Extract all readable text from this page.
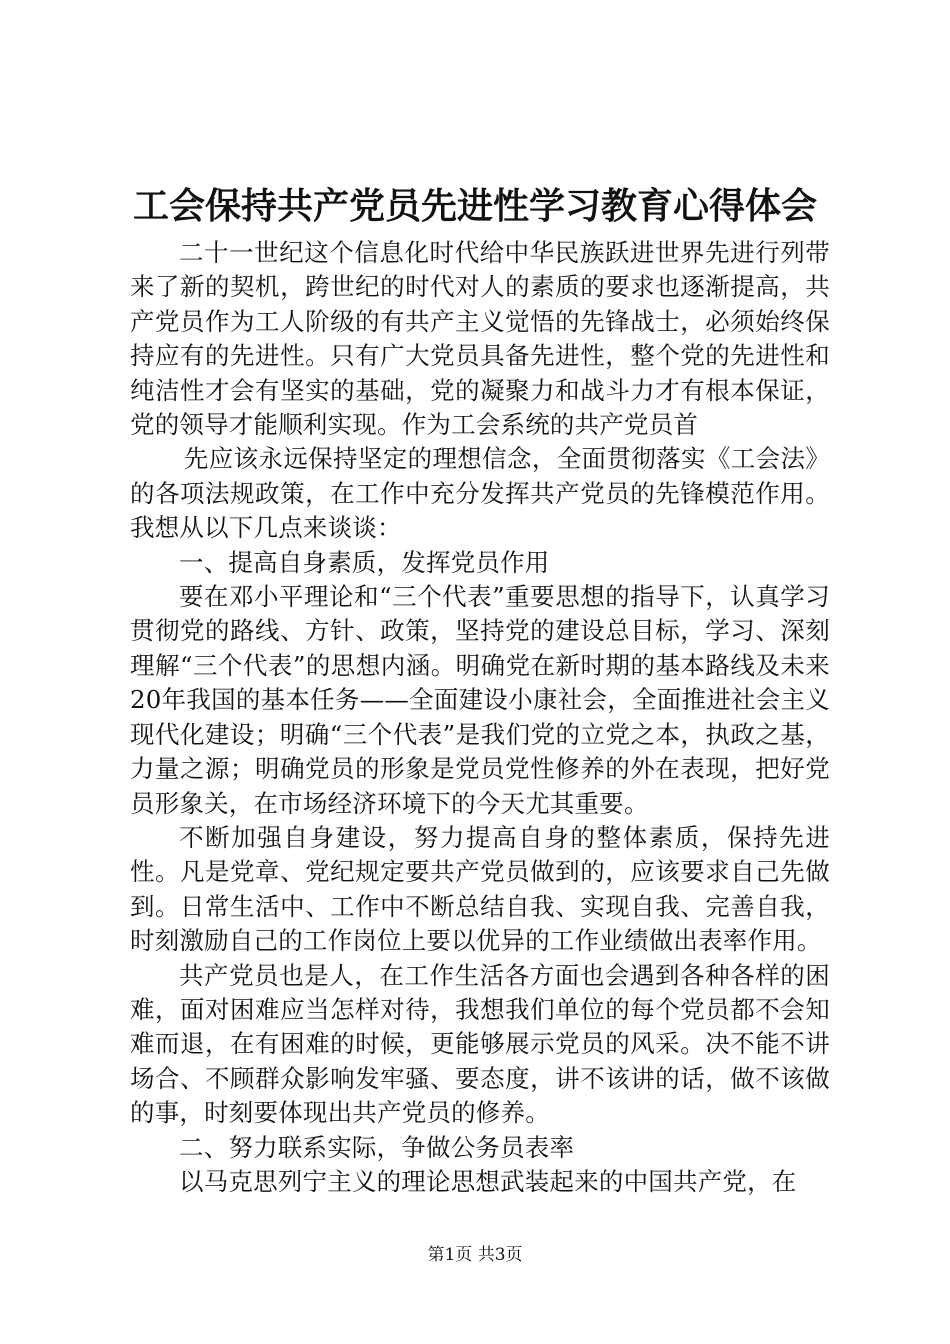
工会保持共产党员先进性学习教育心得体会

二十一世纪这个信息化时代给中华民族跃进世界先进行列带来了新的契机，跨世纪的时代对人的素质的要求也逐渐提高，共产党员作为工人阶级的有共产主义觉悟的先锋战士，必须始终保持应有的先进性。只有广大党员具备先进性，整个党的先进性和纯洁性才会有坚实的基础，党的凝聚力和战斗力才有根本保证，党的领导才能顺利实现。作为工会系统的共产党员首

先应该永远保持坚定的理想信念，全面贯彻落实《工会法》的各项法规政策，在工作中充分发挥共产党员的先锋模范作用。我想从以下几点来谈谈：

一、提高自身素质，发挥党员作用

要在邓小平理论和“三个代表”重要思想的指导下，认真学习贯彻党的路线、方针、政策，坚持党的建设总目标，学习、深刻理解“三个代表”的思想内涵。明确党在新时期的基本路线及未来20年我国的基本任务——全面建设小康社会，全面推进社会主义现代化建设；明确“三个代表”是我们党的立党之本，执政之基，力量之源；明确党员的形象是党员党性修养的外在表现，把好党员形象关，在市场经济环境下的今天尤其重要。

不断加强自身建设，努力提高自身的整体素质，保持先进性。凡是党章、党纪规定要共产党员做到的，应该要求自己先做到。日常生活中、工作中不断总结自我、实现自我、完善自我，时刻激励自己的工作岗位上要以优异的工作业绩做出表率作用。

共产党员也是人，在工作生活各方面也会遇到各种各样的困难，面对困难应当怎样对待，我想我们单位的每个党员都不会知难而退，在有困难的时候，更能够展示党员的风采。决不能不讲场合、不顾群众影响发牢骚、要态度，讲不该讲的话，做不该做的事，时刻要体现出共产党员的修养。

二、努力联系实际，争做公务员表率

以马克思列宁主义的理论思想武装起来的中国共产党，在

第1页 共3页
